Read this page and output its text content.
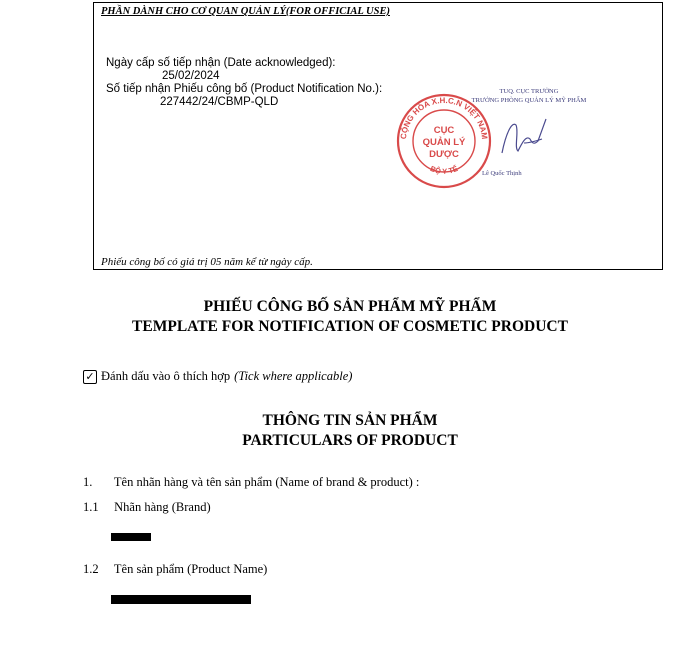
PHẦN DÀNH CHO CƠ QUAN QUẢN LÝ(FOR OFFICIAL USE)
Ngày cấp số tiếp nhận (Date acknowledged):
25/02/2024
Số tiếp nhận Phiếu công bố (Product Notification No.):
227442/24/CBMP-QLD
CỘNG HÒA X.H.C.N VIỆT NAM
BỘ Y TẾ
CỤC
QUẢN LÝ
DƯỢC
TUQ. CỤC TRƯỞNG
TRƯỞNG PHÒNG QUẢN LÝ MỸ PHẨM
Lê Quốc Thịnh
Phiếu công bố có giá trị 05 năm kể từ ngày cấp.
PHIẾU CÔNG BỐ SẢN PHẨM MỸ PHẨM
TEMPLATE FOR NOTIFICATION OF COSMETIC PRODUCT
✓ Đánh dấu vào ô thích hợp (Tick where applicable)
THÔNG TIN SẢN PHẨM
PARTICULARS OF PRODUCT
1. Tên nhãn hàng và tên sản phẩm (Name of brand & product) :
1.1 Nhãn hàng (Brand)
1.2 Tên sản phẩm (Product Name)
